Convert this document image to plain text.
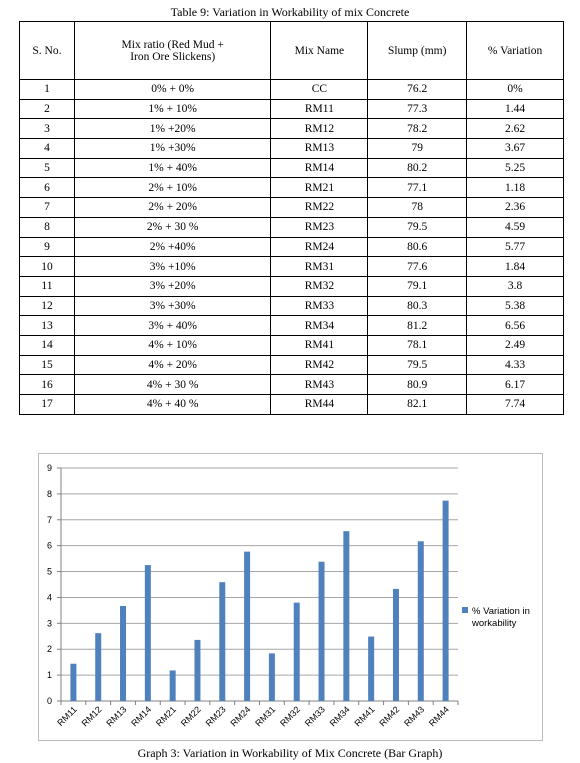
Table 9: Variation in Workability of mix Concrete
S. No.	Mix ratio (Red Mud +
Iron Ore Slickens)	Mix Name	Slump (mm)	% Variation
1	0% + 0%	CC	76.2	0%
2	1% + 10%	RM11	77.3	1.44
3	1% +20%	RM12	78.2	2.62
4	1% +30%	RM13	79	3.67
5	1% + 40%	RM14	80.2	5.25
6	2% + 10%	RM21	77.1	1.18
7	2% + 20%	RM22	78	2.36
8	2% + 30 %	RM23	79.5	4.59
9	2% +40%	RM24	80.6	5.77
10	3% +10%	RM31	77.6	1.84
11	3% +20%	RM32	79.1	3.8
12	3% +30%	RM33	80.3	5.38
13	3% + 40%	RM34	81.2	6.56
14	4% + 10%	RM41	78.1	2.49
15	4% + 20%	RM42	79.5	4.33
16	4% + 30 %	RM43	80.9	6.17
17	4% + 40 %	RM44	82.1	7.74
0
1
2
3
4
5
6
7
8
9
RM11 RM12 RM13 RM14 RM21 RM22 RM23 RM24 RM31 RM32 RM33 RM34 RM41 RM42 RM43 RM44
% Variation in
workability
Graph 3: Variation in Workability of Mix Concrete (Bar Graph)
